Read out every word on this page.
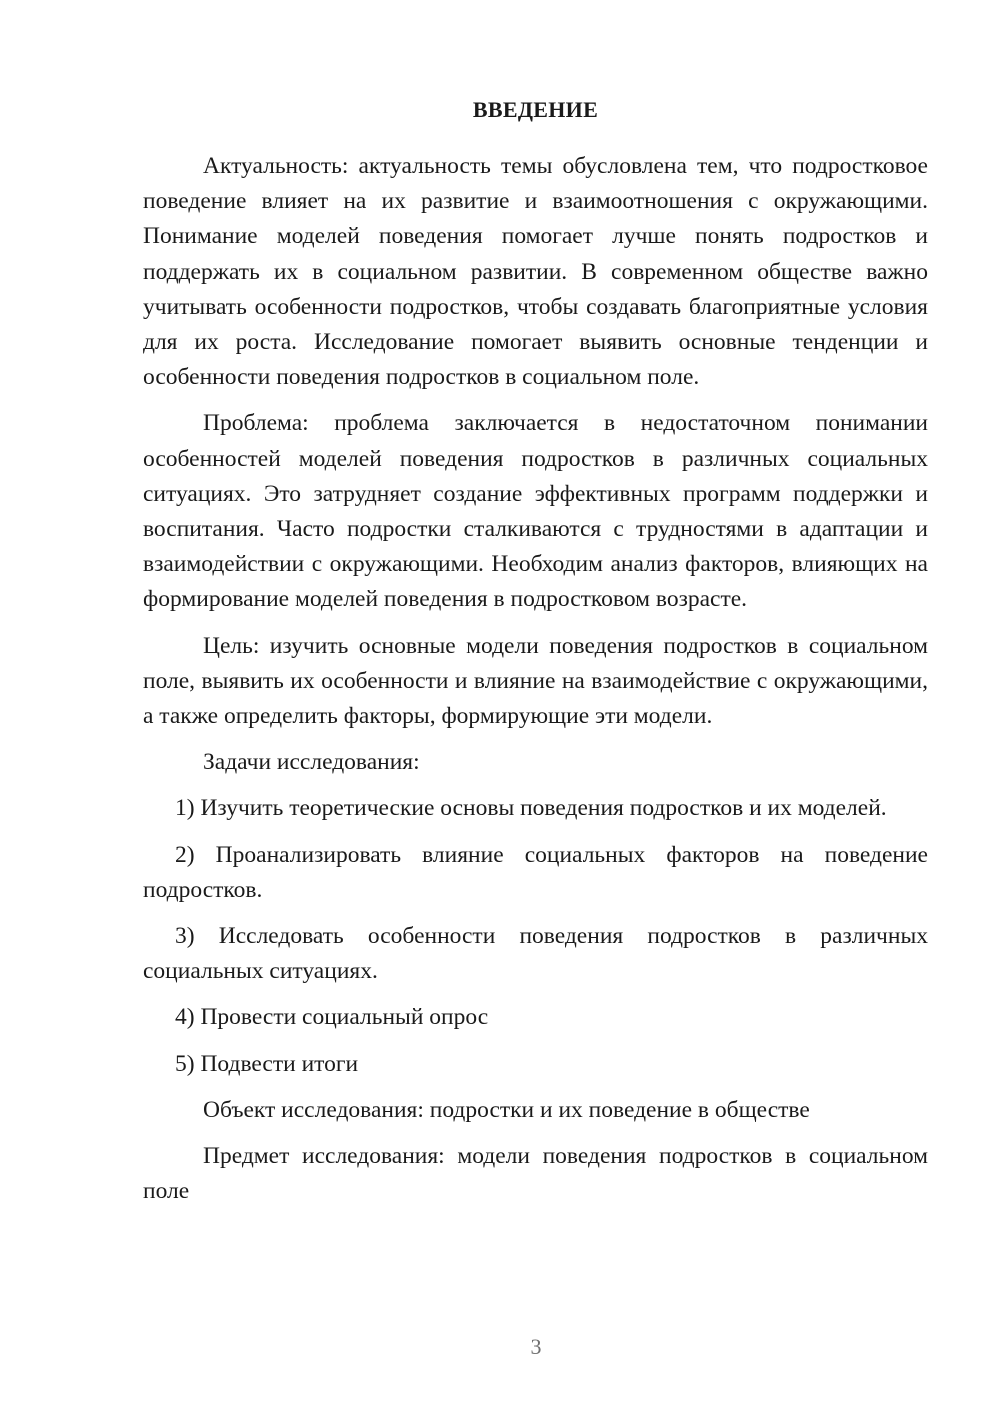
ВВЕДЕНИЕ

Актуальность: актуальность темы обусловлена тем, что подростковое поведение влияет на их развитие и взаимоотношения с окружающими. Понимание моделей поведения помогает лучше понять подростков и поддержать их в социальном развитии. В современном обществе важно учитывать особенности подростков, чтобы создавать благоприятные условия для их роста. Исследование помогает выявить основные тенденции и особенности поведения подростков в социальном поле.

Проблема: проблема заключается в недостаточном понимании особенностей моделей поведения подростков в различных социальных ситуациях. Это затрудняет создание эффективных программ поддержки и воспитания. Часто подростки сталкиваются с трудностями в адаптации и взаимодействии с окружающими. Необходим анализ факторов, влияющих на формирование моделей поведения в подростковом возрасте.

Цель: изучить основные модели поведения подростков в социальном поле, выявить их особенности и влияние на взаимодействие с окружающими, а также определить факторы, формирующие эти модели.

Задачи исследования:

1) Изучить теоретические основы поведения подростков и их моделей.

2) Проанализировать влияние социальных факторов на поведение подростков.

3) Исследовать особенности поведения подростков в различных социальных ситуациях.

4) Провести социальный опрос

5) Подвести итоги

Объект исследования: подростки и их поведение в обществе

Предмет исследования: модели поведения подростков в социальном поле

3
